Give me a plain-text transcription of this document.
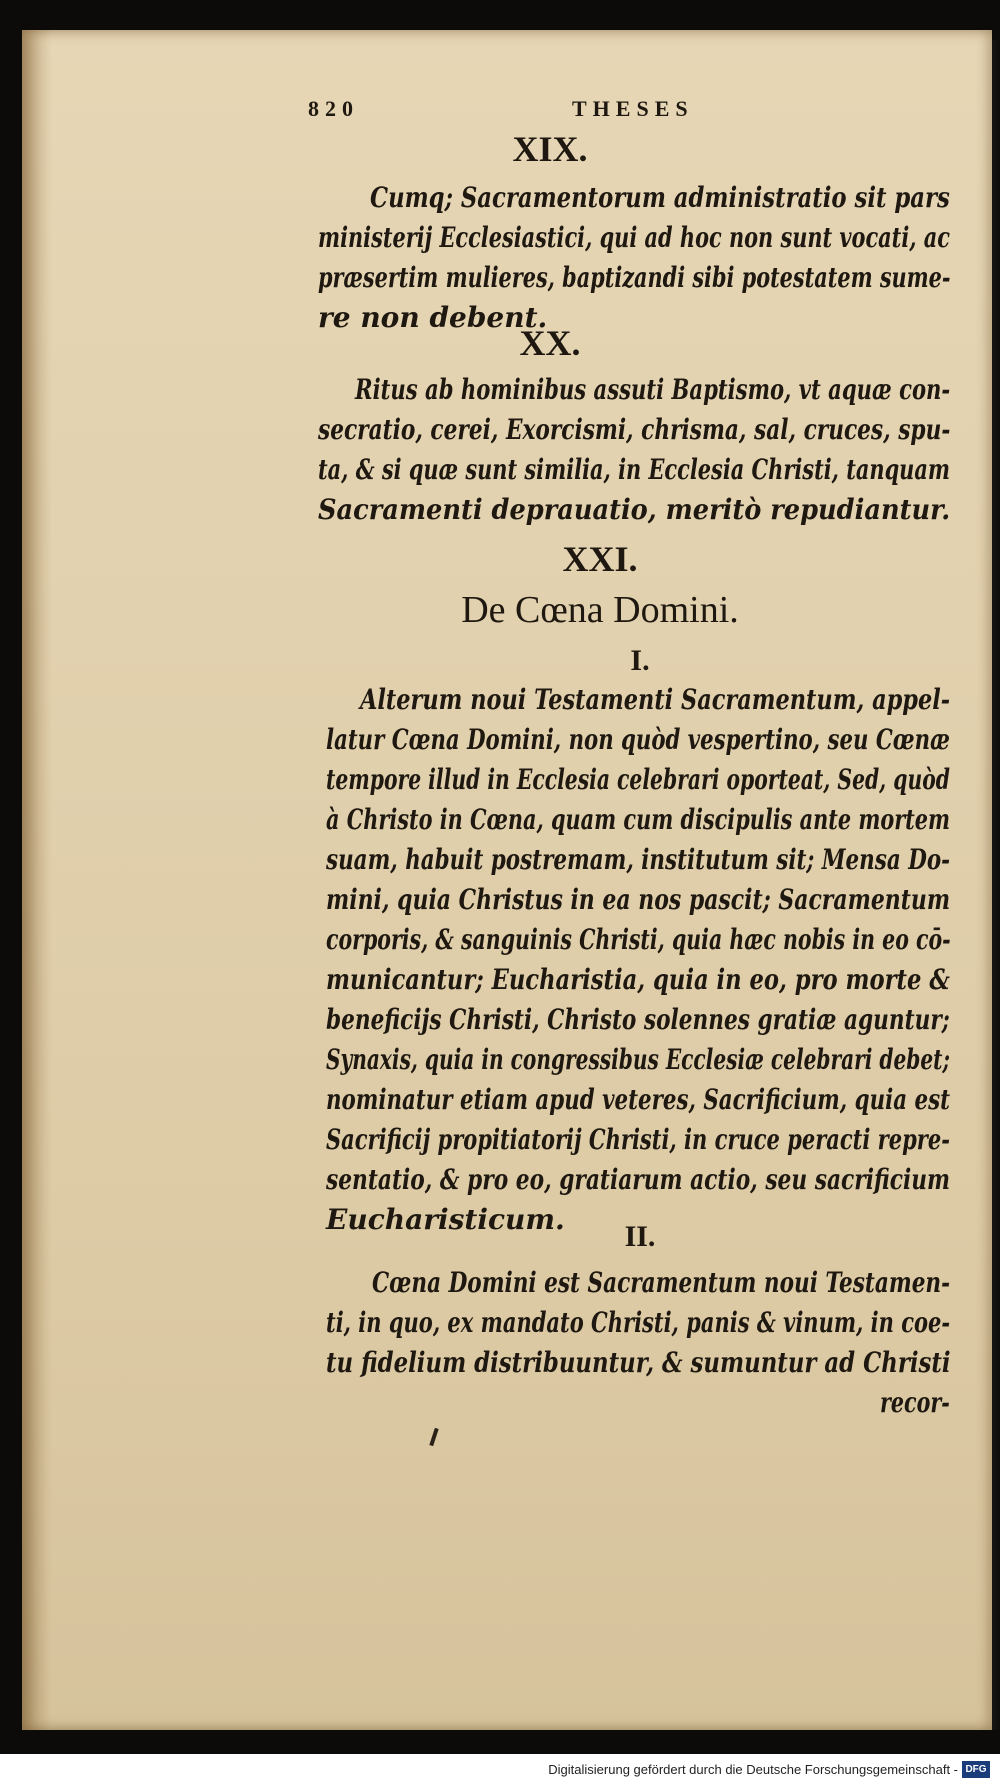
820	THESES
XIX.
Cumq; Sacramentorum administratio sit pars
ministerij Ecclesiastici, qui ad hoc non sunt vocati, ac
præsertim mulieres, baptizandi sibi potestatem sume-
re non debent.
XX.
Ritus ab hominibus assuti Baptismo, vt aquæ con-
secratio, cerei, Exorcismi, chrisma, sal, cruces, spu-
ta, & si quæ sunt similia, in Ecclesia Christi, tanquam
Sacramenti deprauatio, meritò repudiantur.
XXI.
De Cœna Domini.
I.
Alterum noui Testamenti Sacramentum, appel-
latur Cœna Domini, non quòd vespertino, seu Cœnæ
tempore illud in Ecclesia celebrari oporteat, Sed, quòd
à Christo in Cœna, quam cum discipulis ante mortem
suam, habuit postremam, institutum sit; Mensa Do-
mini, quia Christus in ea nos pascit; Sacramentum
corporis, & sanguinis Christi, quia hæc nobis in eo cō-
municantur; Eucharistia, quia in eo, pro morte &
beneficijs Christi, Christo solennes gratiæ aguntur;
Synaxis, quia in congressibus Ecclesiæ celebrari debet;
nominatur etiam apud veteres, Sacrificium, quia est
Sacrificij propitiatorij Christi, in cruce peracti repre-
sentatio, & pro eo, gratiarum actio, seu sacrificium
Eucharisticum.
II.
Cœna Domini est Sacramentum noui Testamen-
ti, in quo, ex mandato Christi, panis & vinum, in coe-
tu fidelium distribuuntur, & sumuntur ad Christi
recor-
Digitalisierung gefördert durch die Deutsche Forschungsgemeinschaft - DFG
